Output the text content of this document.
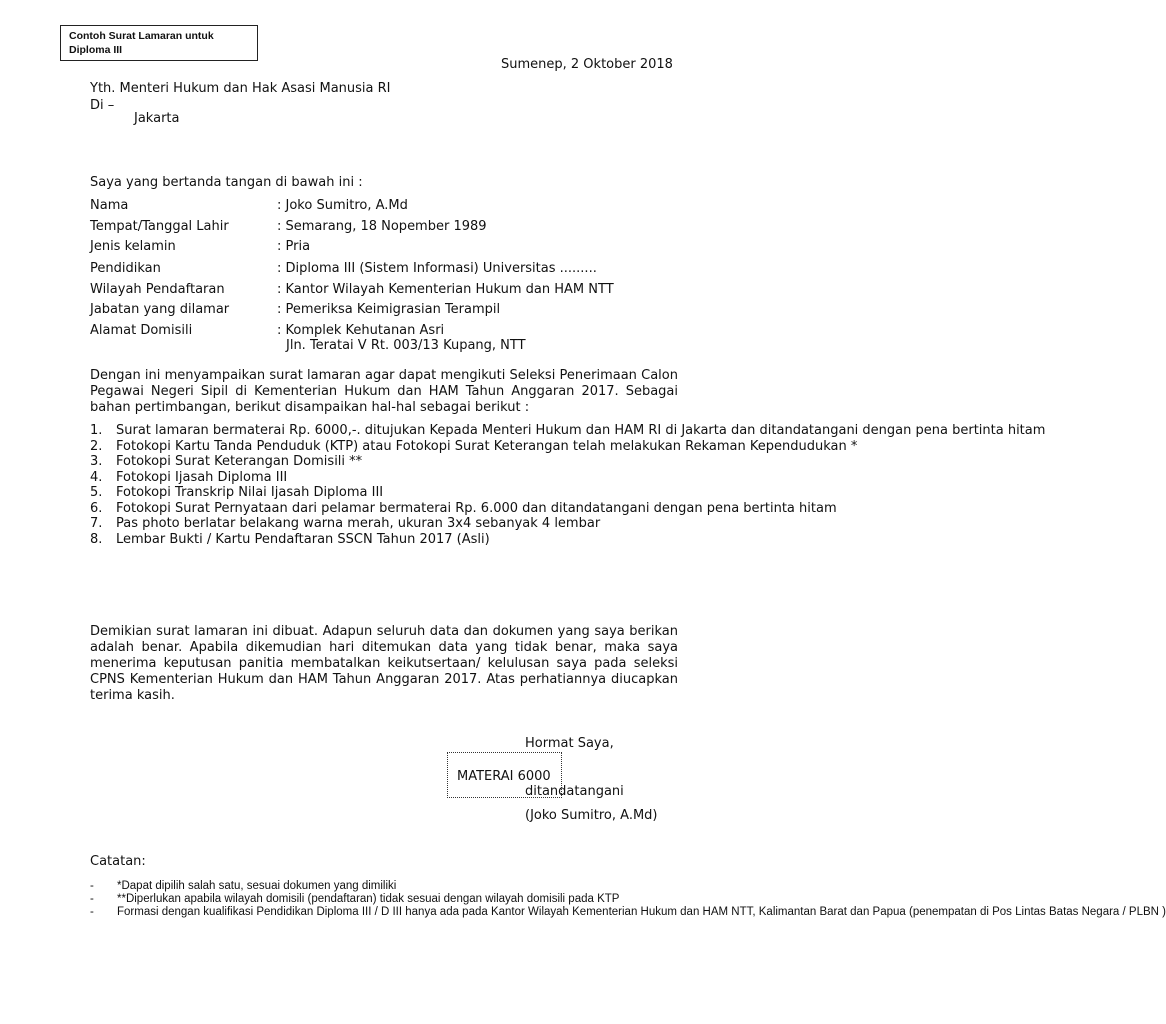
Contoh Surat Lamaran untuk Diploma III
Sumenep, 2 Oktober 2018
Yth. Menteri Hukum dan Hak Asasi Manusia RI
Di –
Jakarta
Saya yang bertanda tangan di bawah ini :
Nama	: Joko Sumitro, A.Md
Tempat/Tanggal Lahir	: Semarang, 18 Nopember 1989
Jenis kelamin	: Pria
Pendidikan	: Diploma III (Sistem Informasi) Universitas .........
Wilayah Pendaftaran	: Kantor Wilayah Kementerian Hukum dan HAM NTT
Jabatan yang dilamar	: Pemeriksa Keimigrasian Terampil
Alamat Domisili	: Komplek Kehutanan Asri
Jln. Teratai V Rt. 003/13 Kupang, NTT
Dengan ini menyampaikan surat lamaran agar dapat mengikuti Seleksi Penerimaan Calon Pegawai Negeri Sipil di Kementerian Hukum dan HAM Tahun Anggaran 2017. Sebagai bahan pertimbangan, berikut disampaikan hal-hal sebagai berikut :
1. Surat lamaran bermaterai Rp. 6000,-. ditujukan Kepada Menteri Hukum dan HAM RI di Jakarta dan ditandatangani dengan pena bertinta hitam
2. Fotokopi Kartu Tanda Penduduk (KTP) atau Fotokopi Surat Keterangan telah melakukan Rekaman Kependudukan *
3. Fotokopi Surat Keterangan Domisili **
4. Fotokopi Ijasah Diploma III
5. Fotokopi Transkrip Nilai Ijasah Diploma III
6. Fotokopi Surat Pernyataan dari pelamar bermaterai Rp. 6.000 dan ditandatangani dengan pena bertinta hitam
7. Pas photo berlatar belakang warna merah, ukuran 3x4 sebanyak 4 lembar
8. Lembar Bukti / Kartu Pendaftaran SSCN Tahun 2017 (Asli)
Demikian surat lamaran ini dibuat. Adapun seluruh data dan dokumen yang saya berikan adalah benar. Apabila dikemudian hari ditemukan data yang tidak benar, maka saya menerima keputusan panitia membatalkan keikutsertaan/ kelulusan saya pada seleksi CPNS Kementerian Hukum dan HAM Tahun Anggaran 2017. Atas perhatiannya diucapkan terima kasih.
Hormat Saya,
MATERAI 6000
ditandatangani
(Joko Sumitro, A.Md)
Catatan:
- *Dapat dipilih salah satu, sesuai dokumen yang dimiliki
- **Diperlukan apabila wilayah domisili (pendaftaran) tidak sesuai dengan wilayah domisili pada KTP
- Formasi dengan kualifikasi Pendidikan Diploma III / D III hanya ada pada Kantor Wilayah Kementerian Hukum dan HAM NTT, Kalimantan Barat dan Papua (penempatan di Pos Lintas Batas Negara / PLBN )
